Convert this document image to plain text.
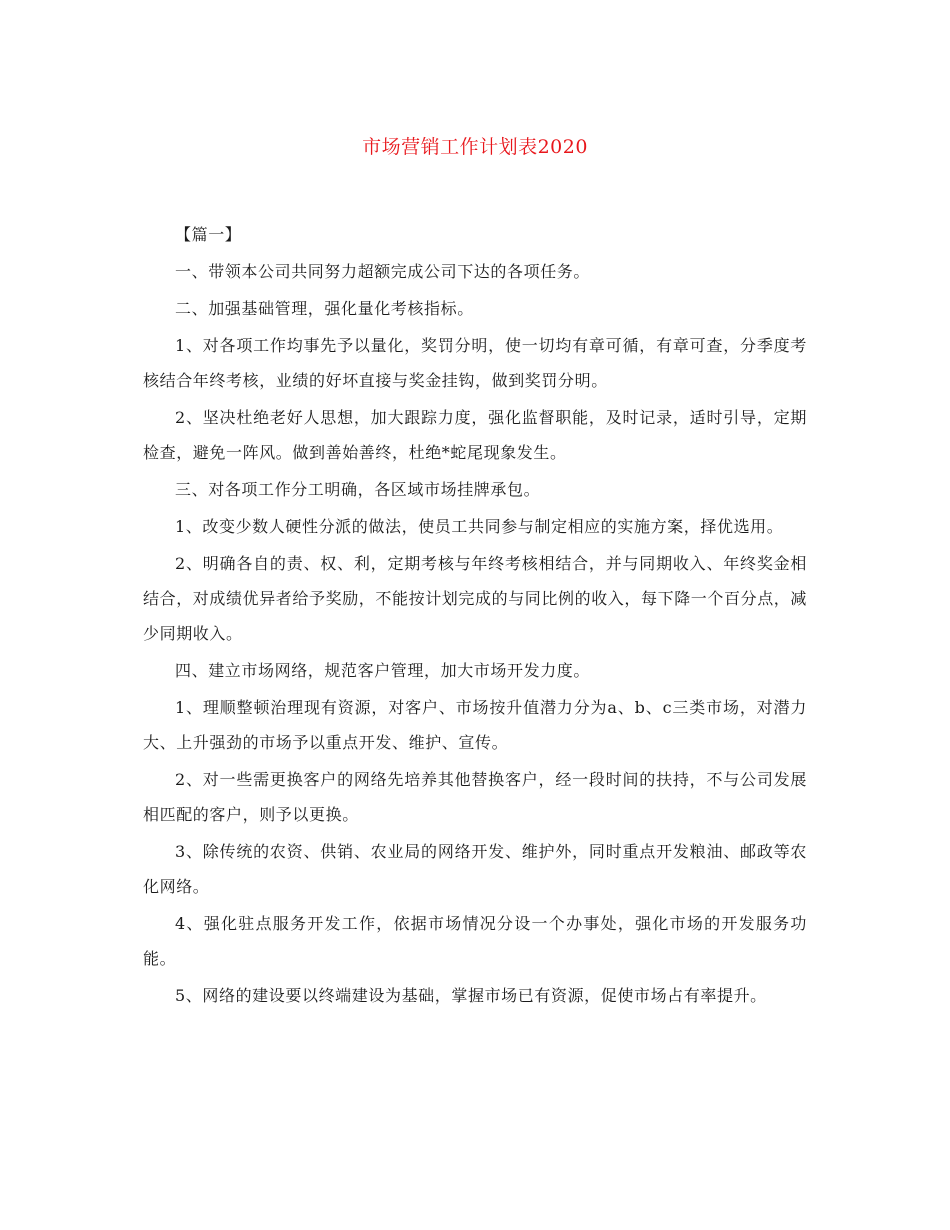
市场营销工作计划表2020

【篇一】

一、带领本公司共同努力超额完成公司下达的各项任务。

二、加强基础管理，强化量化考核指标。

1、对各项工作均事先予以量化，奖罚分明，使一切均有章可循，有章可查，分季度考核结合年终考核，业绩的好坏直接与奖金挂钩，做到奖罚分明。

2、坚决杜绝老好人思想，加大跟踪力度，强化监督职能，及时记录，适时引导，定期检查，避免一阵风。做到善始善终，杜绝*蛇尾现象发生。

三、对各项工作分工明确，各区域市场挂牌承包。

1、改变少数人硬性分派的做法，使员工共同参与制定相应的实施方案，择优选用。

2、明确各自的责、权、利，定期考核与年终考核相结合，并与同期收入、年终奖金相结合，对成绩优异者给予奖励，不能按计划完成的与同比例的收入，每下降一个百分点，减少同期收入。

四、建立市场网络，规范客户管理，加大市场开发力度。

1、理顺整顿治理现有资源，对客户、市场按升值潜力分为a、b、c三类市场，对潜力大、上升强劲的市场予以重点开发、维护、宣传。

2、对一些需更换客户的网络先培养其他替换客户，经一段时间的扶持，不与公司发展相匹配的客户，则予以更换。

3、除传统的农资、供销、农业局的网络开发、维护外，同时重点开发粮油、邮政等农化网络。

4、强化驻点服务开发工作，依据市场情况分设一个办事处，强化市场的开发服务功能。

5、网络的建设要以终端建设为基础，掌握市场已有资源，促使市场占有率提升。
